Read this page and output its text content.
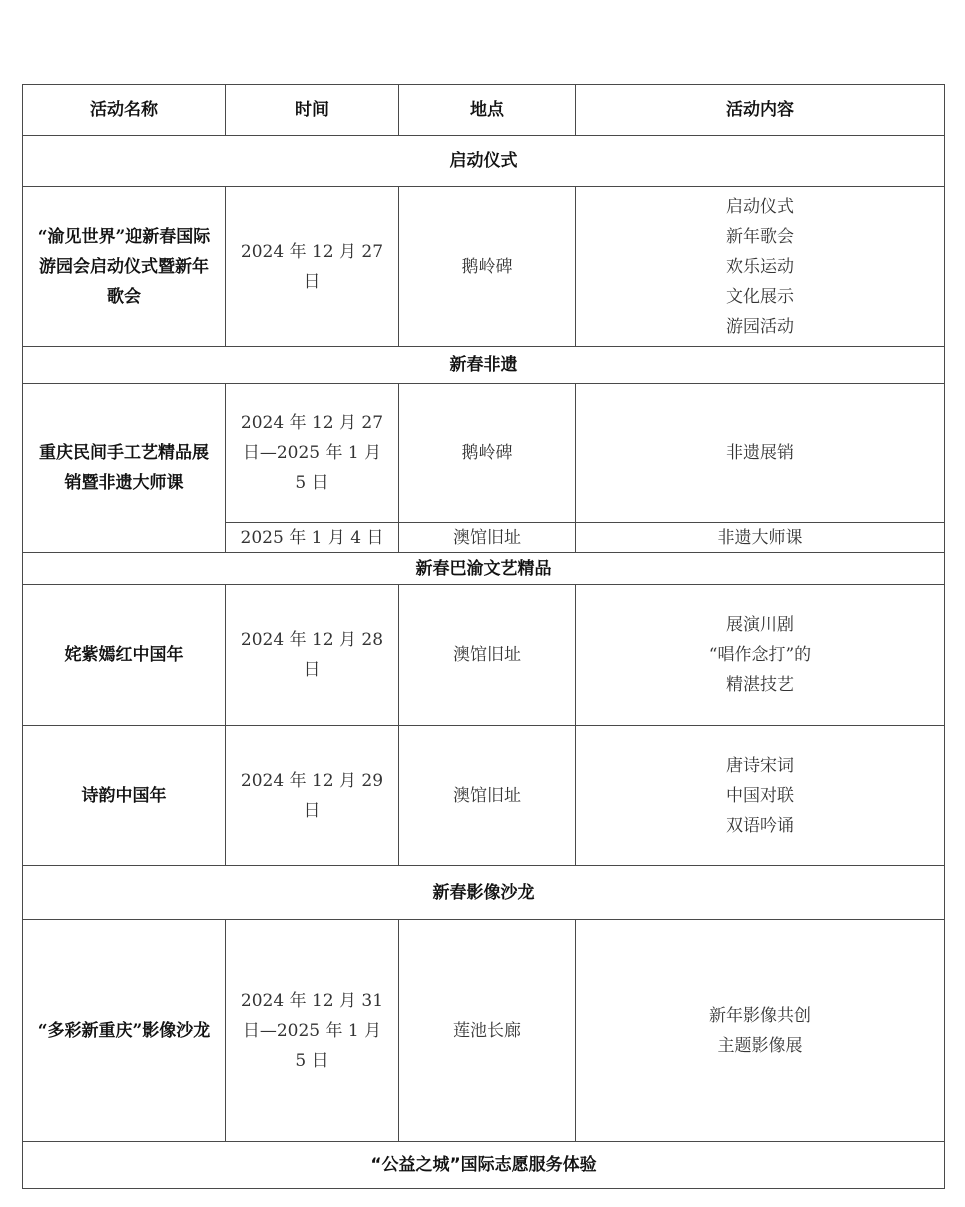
活动名称	时间	地点	活动内容
启动仪式			
“渝见世界”迎新春国际游园会启动仪式暨新年歌会	2024 年 12 月 27 日	鹅岭碑	启动仪式
新年歌会
欢乐运动
文化展示
游园活动

新春非遗			
重庆民间手工艺精品展销暨非遗大师课	2024 年 12 月 27 日—2025 年 1 月 5 日	鹅岭碑	非遗展销

	2025 年 1 月 4 日	澳馆旧址	非遗大师课

新春巴渝文艺精品			
姹紫嫣红中国年	2024 年 12 月 28 日	澳馆旧址	展演川剧
“唱作念打”的
精湛技艺

诗韵中国年	2024 年 12 月 29 日	澳馆旧址	唐诗宋词
中国对联
双语吟诵

新春影像沙龙			
“多彩新重庆”影像沙龙	2024 年 12 月 31 日—2025 年 1 月 5 日	莲池长廊	新年影像共创
主题影像展

“公益之城”国际志愿服务体验			
